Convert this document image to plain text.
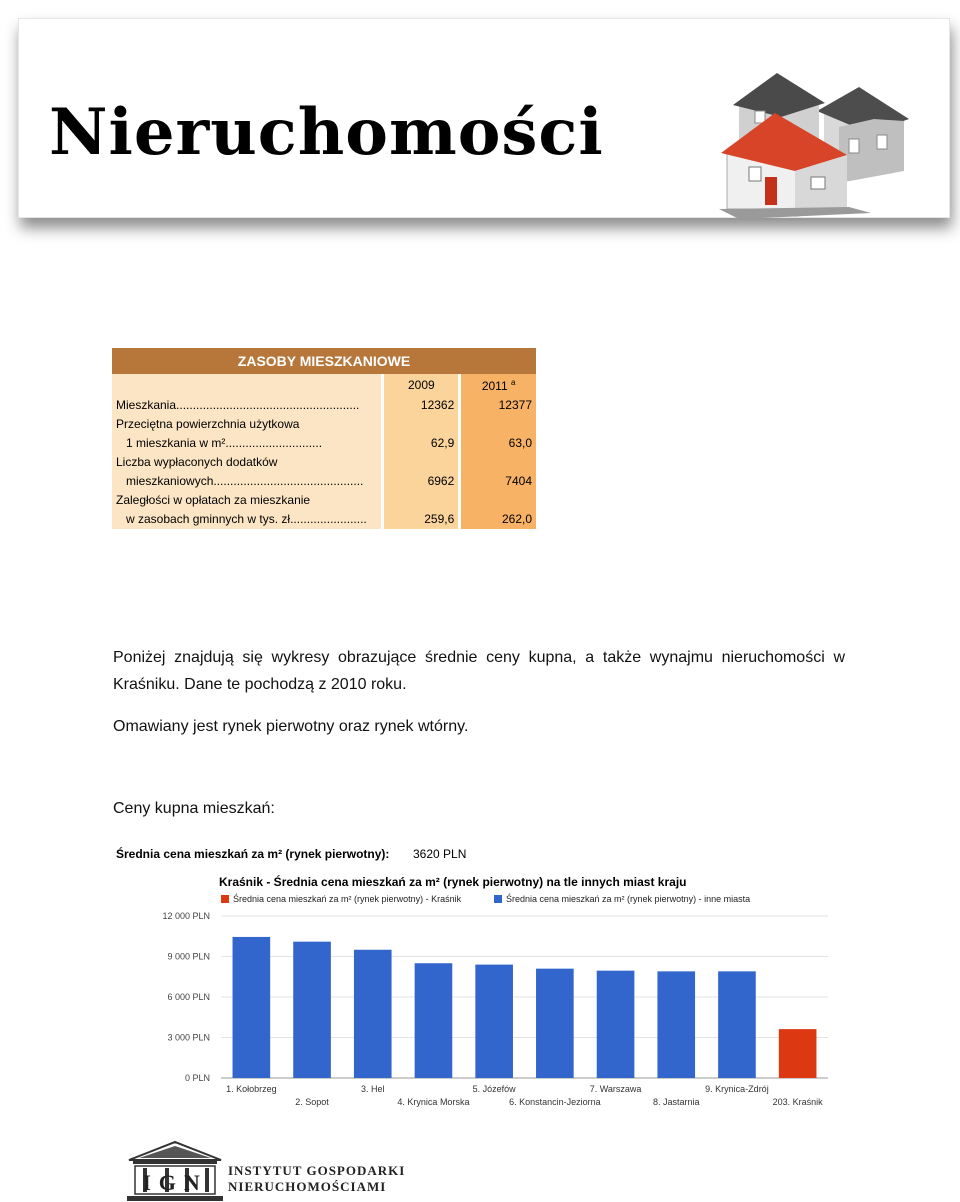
Nieruchomości
ZASOBY MIESZKANIOWE		
	2009	2011 $^a$
Mieszkania.......................................................	12362	12377
Przeciętna powierzchnia użytkowa		
1 mieszkania w m².............................	62,9	63,0
Liczba wypłaconych dodatków		
mieszkaniowych.............................................	6962	7404
Zaległości w opłatach za mieszkanie		
w zasobach gminnych w tys. zł.......................	259,6	262,0
Poniżej znajdują się wykresy obrazujące średnie ceny kupna, a także wynajmu nieruchomości w Kraśniku. Dane te pochodzą z 2010 roku.
Omawiany jest rynek pierwotny oraz rynek wtórny.
Ceny kupna mieszkań:
Średnia cena mieszkań za m² (rynek pierwotny): 3620 PLN
Kraśnik - Średnia cena mieszkań za m² (rynek pierwotny) na tle innych miast kraju
Średnia cena mieszkań za m² (rynek pierwotny) - Kraśnik	Średnia cena mieszkań za m² (rynek pierwotny) - inne miasta
0 PLN
3 000 PLN
6 000 PLN
9 000 PLN
12 000 PLN
1. Kołobrzeg
2. Sopot
3. Hel
4. Krynica Morska
5. Józefów
6. Konstancin-Jeziorna
7. Warszawa
8. Jastarnia
9. Krynica-Zdrój
203. Kraśnik
IGN INSTYTUT GOSPODARKI
NIERUCHOMOŚCIAMI
